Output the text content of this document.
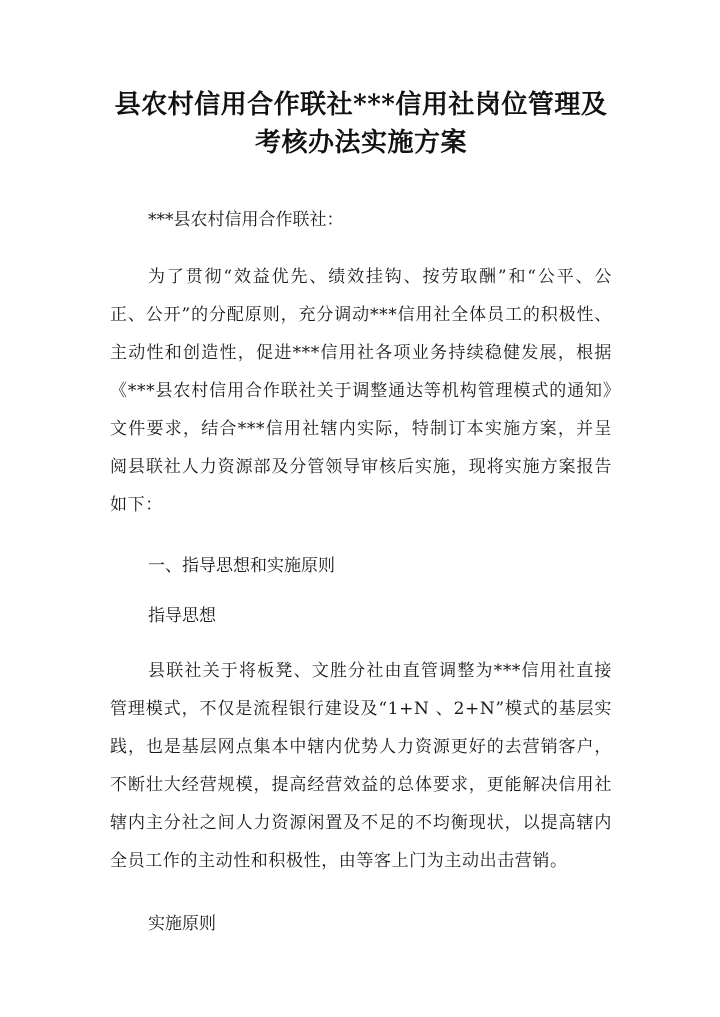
县农村信用合作联社***信用社岗位管理及考核办法实施方案

***县农村信用合作联社：

为了贯彻“效益优先、绩效挂钩、按劳取酬”和“公平、公正、公开”的分配原则，充分调动***信用社全体员工的积极性、主动性和创造性，促进***信用社各项业务持续稳健发展，根据《***县农村信用合作联社关于调整通达等机构管理模式的通知》文件要求，结合***信用社辖内实际，特制订本实施方案，并呈阅县联社人力资源部及分管领导审核后实施，现将实施方案报告如下：

一、指导思想和实施原则

指导思想

县联社关于将板凳、文胜分社由直管调整为***信用社直接管理模式，不仅是流程银行建设及“1+N 、2+N”模式的基层实践，也是基层网点集本中辖内优势人力资源更好的去营销客户，不断壮大经营规模，提高经营效益的总体要求，更能解决信用社辖内主分社之间人力资源闲置及不足的不均衡现状，以提高辖内全员工作的主动性和积极性，由等客上门为主动出击营销。

实施原则
